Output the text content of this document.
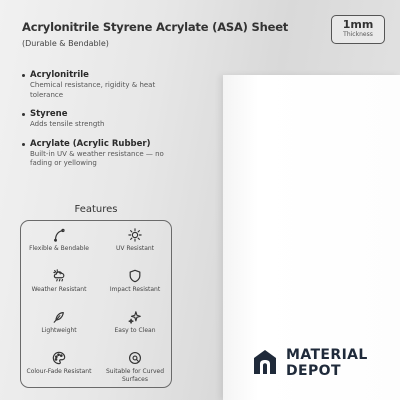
Acrylonitrile Styrene Acrylate (ASA) Sheet
(Durable & Bendable)
1mm
Thickness
Acrylonitrile
Chemical resistance, rigidity & heat tolerance
Styrene
Adds tensile strength
Acrylate (Acrylic Rubber)
Built-in UV & weather resistance — no fading or yellowing
Features
Flexible & Bendable	UV Resistant
Weather Resistant	Impact Resistant
Lightweight	Easy to Clean
Colour-Fade Resistant	Suitable for Curved Surfaces
MATERIAL
DEPOT
